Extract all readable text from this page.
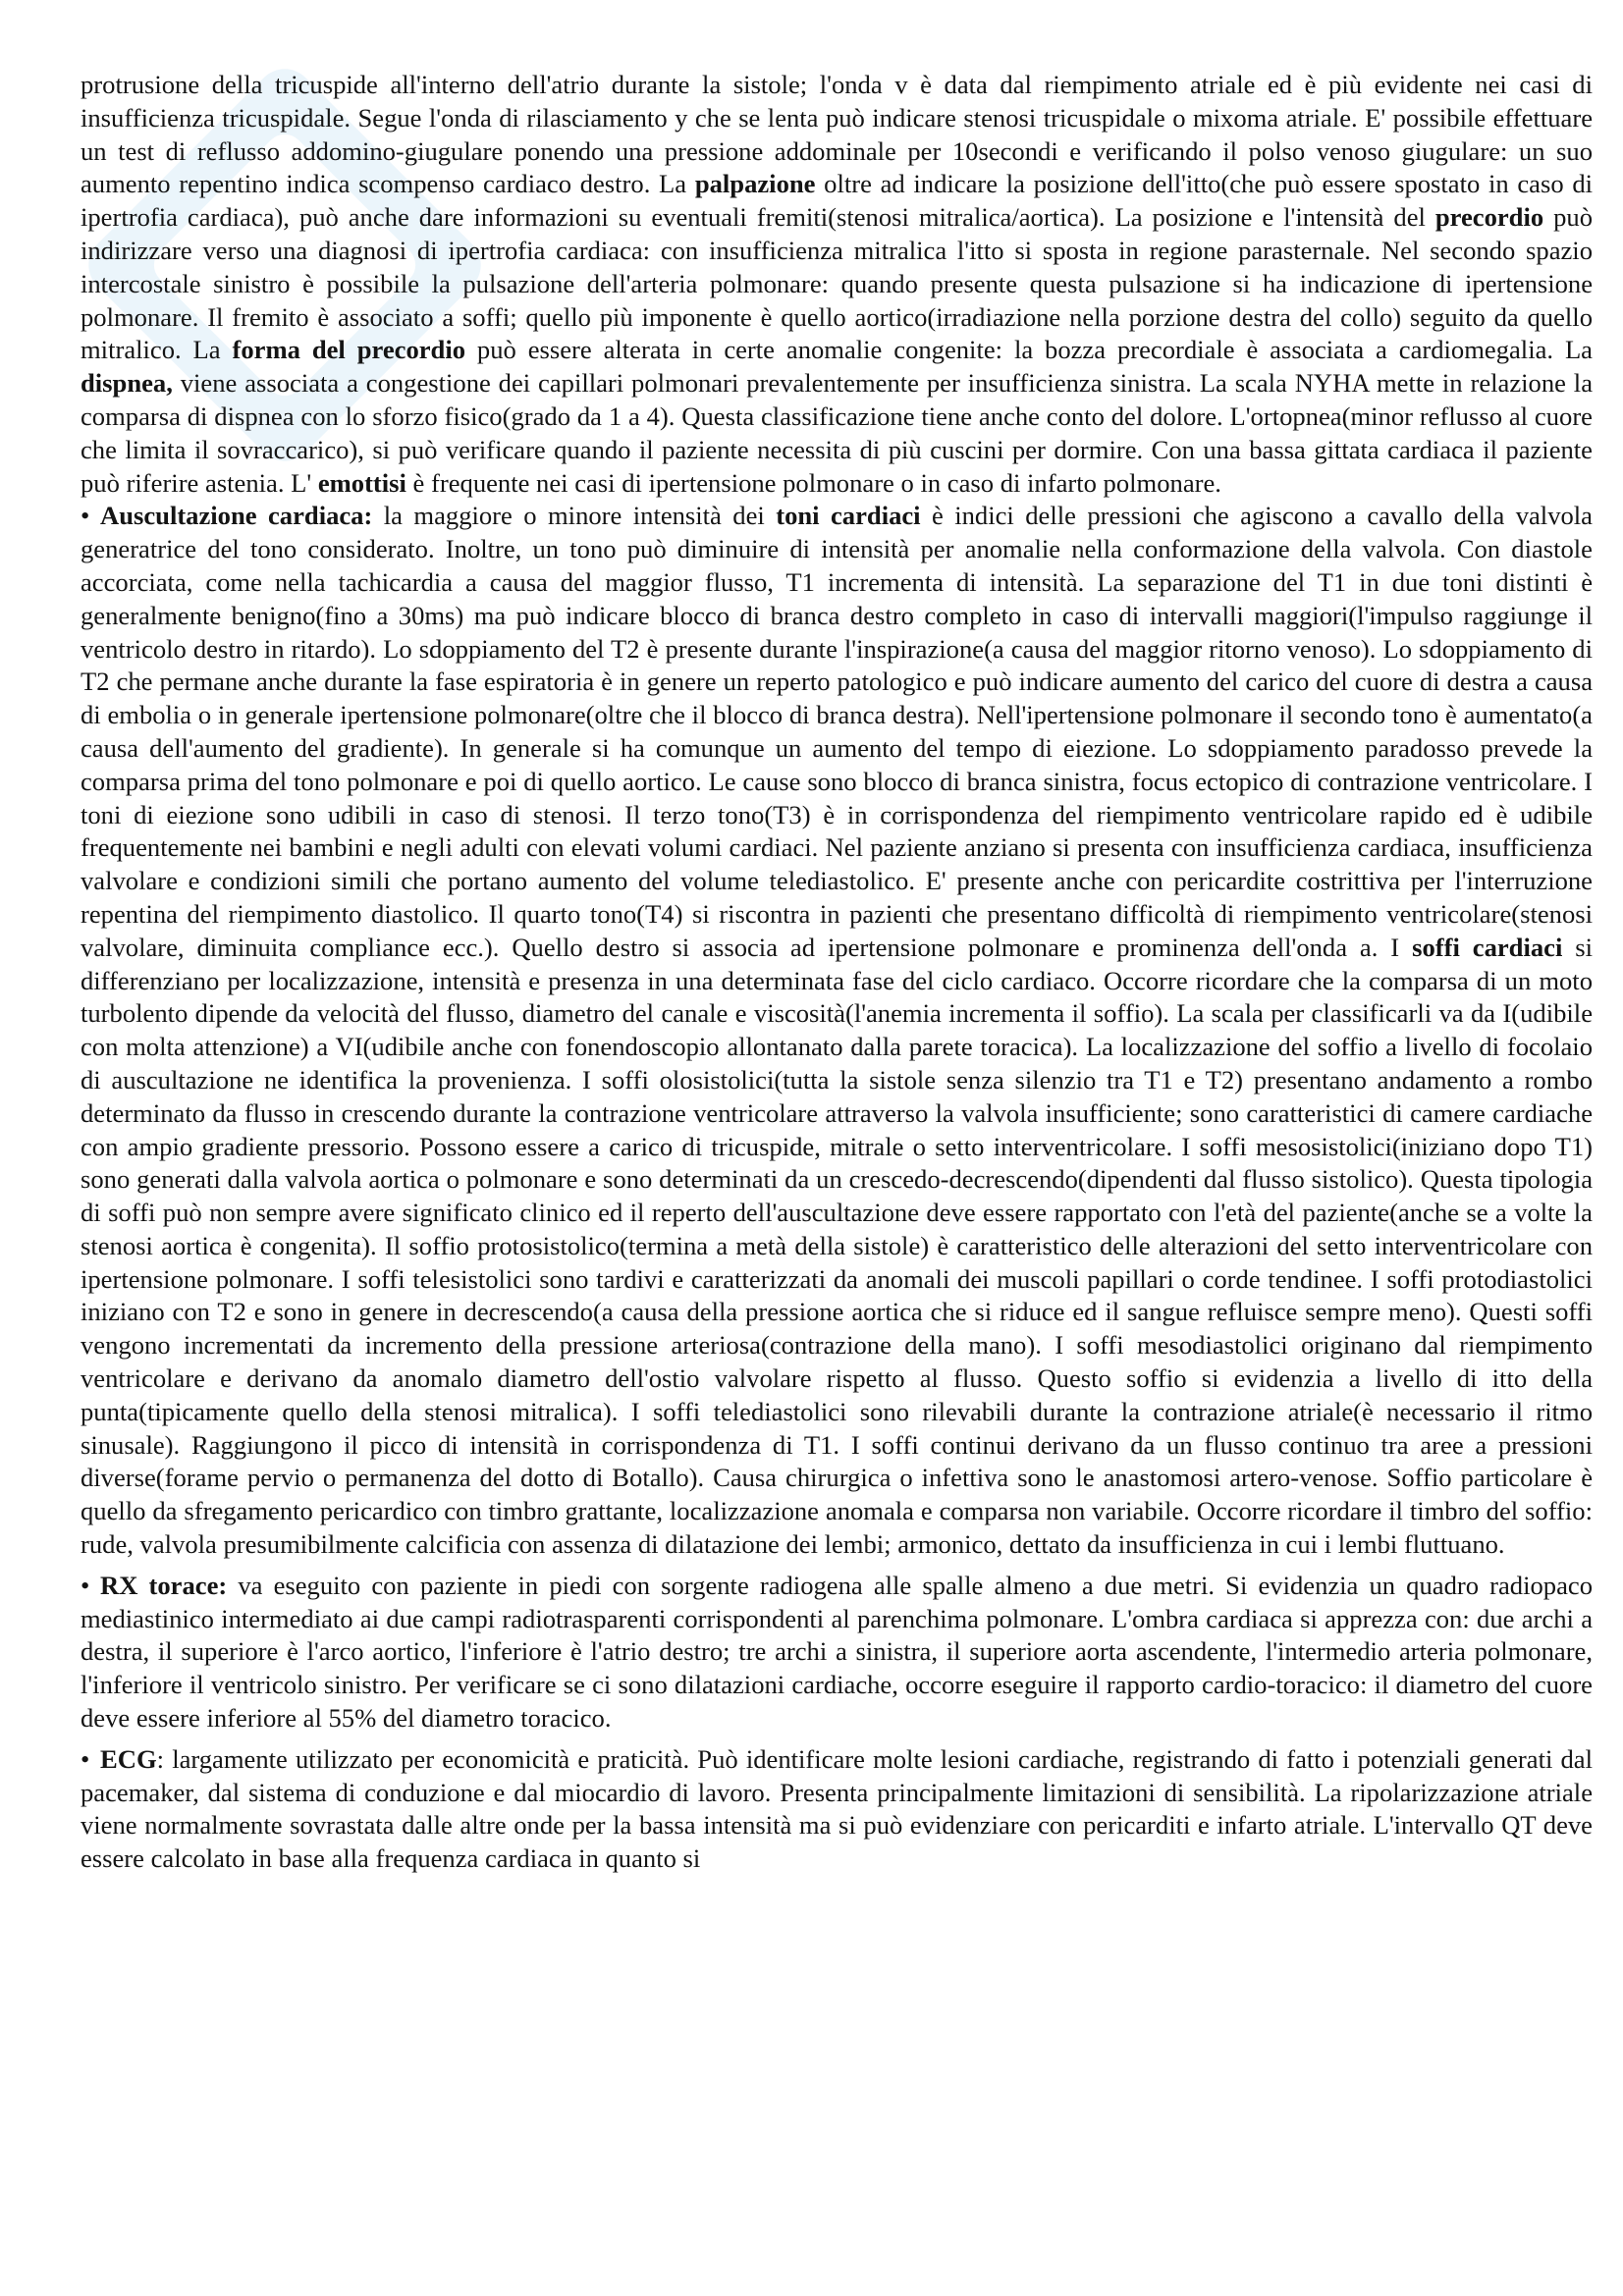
protrusione della tricuspide all'interno dell'atrio durante la sistole; l'onda v è data dal riempimento atriale ed è più evidente nei casi di insufficienza tricuspidale. Segue l'onda di rilasciamento y che se lenta può indicare stenosi tricuspidale o mixoma atriale. E' possibile effettuare un test di reflusso addomino-giugulare ponendo una pressione addominale per 10secondi e verificando il polso venoso giugulare: un suo aumento repentino indica scompenso cardiaco destro. La palpazione oltre ad indicare la posizione dell'itto(che può essere spostato in caso di ipertrofia cardiaca), può anche dare informazioni su eventuali fremiti(stenosi mitralica/aortica). La posizione e l'intensità del precordio può indirizzare verso una diagnosi di ipertrofia cardiaca: con insufficienza mitralica l'itto si sposta in regione parasternale. Nel secondo spazio intercostale sinistro è possibile la pulsazione dell'arteria polmonare: quando presente questa pulsazione si ha indicazione di ipertensione polmonare. Il fremito è associato a soffi; quello più imponente è quello aortico(irradiazione nella porzione destra del collo) seguito da quello mitralico. La forma del precordio può essere alterata in certe anomalie congenite: la bozza precordiale è associata a cardiomegalia. La dispnea, viene associata a congestione dei capillari polmonari prevalentemente per insufficienza sinistra. La scala NYHA mette in relazione la comparsa di dispnea con lo sforzo fisico(grado da 1 a 4). Questa classificazione tiene anche conto del dolore. L'ortopnea(minor reflusso al cuore che limita il sovraccarico), si può verificare quando il paziente necessita di più cuscini per dormire. Con una bassa gittata cardiaca il paziente può riferire astenia. L' emottisi è frequente nei casi di ipertensione polmonare o in caso di infarto polmonare.

• Auscultazione cardiaca: la maggiore o minore intensità dei toni cardiaci è indici delle pressioni che agiscono a cavallo della valvola generatrice del tono considerato. Inoltre, un tono può diminuire di intensità per anomalie nella conformazione della valvola. Con diastole accorciata, come nella tachicardia a causa del maggior flusso, T1 incrementa di intensità. La separazione del T1 in due toni distinti è generalmente benigno(fino a 30ms) ma può indicare blocco di branca destro completo in caso di intervalli maggiori(l'impulso raggiunge il ventricolo destro in ritardo). Lo sdoppiamento del T2 è presente durante l'inspirazione(a causa del maggior ritorno venoso). Lo sdoppiamento di T2 che permane anche durante la fase espiratoria è in genere un reperto patologico e può indicare aumento del carico del cuore di destra a causa di embolia o in generale ipertensione polmonare(oltre che il blocco di branca destra). Nell'ipertensione polmonare il secondo tono è aumentato(a causa dell'aumento del gradiente). In generale si ha comunque un aumento del tempo di eiezione. Lo sdoppiamento paradosso prevede la comparsa prima del tono polmonare e poi di quello aortico. Le cause sono blocco di branca sinistra, focus ectopico di contrazione ventricolare. I toni di eiezione sono udibili in caso di stenosi. Il terzo tono(T3) è in corrispondenza del riempimento ventricolare rapido ed è udibile frequentemente nei bambini e negli adulti con elevati volumi cardiaci. Nel paziente anziano si presenta con insufficienza cardiaca, insufficienza valvolare e condizioni simili che portano aumento del volume telediastolico. E' presente anche con pericardite costrittiva per l'interruzione repentina del riempimento diastolico. Il quarto tono(T4) si riscontra in pazienti che presentano difficoltà di riempimento ventricolare(stenosi valvolare, diminuita compliance ecc.). Quello destro si associa ad ipertensione polmonare e prominenza dell'onda a. I soffi cardiaci si differenziano per localizzazione, intensità e presenza in una determinata fase del ciclo cardiaco. Occorre ricordare che la comparsa di un moto turbolento dipende da velocità del flusso, diametro del canale e viscosità(l'anemia incrementa il soffio). La scala per classificarli va da I(udibile con molta attenzione) a VI(udibile anche con fonendoscopio allontanato dalla parete toracica). La localizzazione del soffio a livello di focolaio di auscultazione ne identifica la provenienza. I soffi olosistolici(tutta la sistole senza silenzio tra T1 e T2) presentano andamento a rombo determinato da flusso in crescendo durante la contrazione ventricolare attraverso la valvola insufficiente; sono caratteristici di camere cardiache con ampio gradiente pressorio. Possono essere a carico di tricuspide, mitrale o setto interventricolare. I soffi mesosistolici(iniziano dopo T1) sono generati dalla valvola aortica o polmonare e sono determinati da un crescedo-decrescendo(dipendenti dal flusso sistolico). Questa tipologia di soffi può non sempre avere significato clinico ed il reperto dell'auscultazione deve essere rapportato con l'età del paziente(anche se a volte la stenosi aortica è congenita). Il soffio protosistolico(termina a metà della sistole) è caratteristico delle alterazioni del setto interventricolare con ipertensione polmonare. I soffi telesistolici sono tardivi e caratterizzati da anomali dei muscoli papillari o corde tendinee. I soffi protodiastolici iniziano con T2 e sono in genere in decrescendo(a causa della pressione aortica che si riduce ed il sangue refluisce sempre meno). Questi soffi vengono incrementati da incremento della pressione arteriosa(contrazione della mano). I soffi mesodiastolici originano dal riempimento ventricolare e derivano da anomalo diametro dell'ostio valvolare rispetto al flusso. Questo soffio si evidenzia a livello di itto della punta(tipicamente quello della stenosi mitralica). I soffi telediastolici sono rilevabili durante la contrazione atriale(è necessario il ritmo sinusale). Raggiungono il picco di intensità in corrispondenza di T1. I soffi continui derivano da un flusso continuo tra aree a pressioni diverse(forame pervio o permanenza del dotto di Botallo). Causa chirurgica o infettiva sono le anastomosi artero-venose. Soffio particolare è quello da sfregamento pericardico con timbro grattante, localizzazione anomala e comparsa non variabile. Occorre ricordare il timbro del soffio: rude, valvola presumibilmente calcificia con assenza di dilatazione dei lembi; armonico, dettato da insufficienza in cui i lembi fluttuano.

• RX torace: va eseguito con paziente in piedi con sorgente radiogena alle spalle almeno a due metri. Si evidenzia un quadro radiopaco mediastinico intermediato ai due campi radiotrasparenti corrispondenti al parenchima polmonare. L'ombra cardiaca si apprezza con: due archi a destra, il superiore è l'arco aortico, l'inferiore è l'atrio destro; tre archi a sinistra, il superiore aorta ascendente, l'intermedio arteria polmonare, l'inferiore il ventricolo sinistro. Per verificare se ci sono dilatazioni cardiache, occorre eseguire il rapporto cardio-toracico: il diametro del cuore deve essere inferiore al 55% del diametro toracico.

• ECG: largamente utilizzato per economicità e praticità. Può identificare molte lesioni cardiache, registrando di fatto i potenziali generati dal pacemaker, dal sistema di conduzione e dal miocardio di lavoro. Presenta principalmente limitazioni di sensibilità. La ripolarizzazione atriale viene normalmente sovrastata dalle altre onde per la bassa intensità ma si può evidenziare con pericarditi e infarto atriale. L'intervallo QT deve essere calcolato in base alla frequenza cardiaca in quanto si
